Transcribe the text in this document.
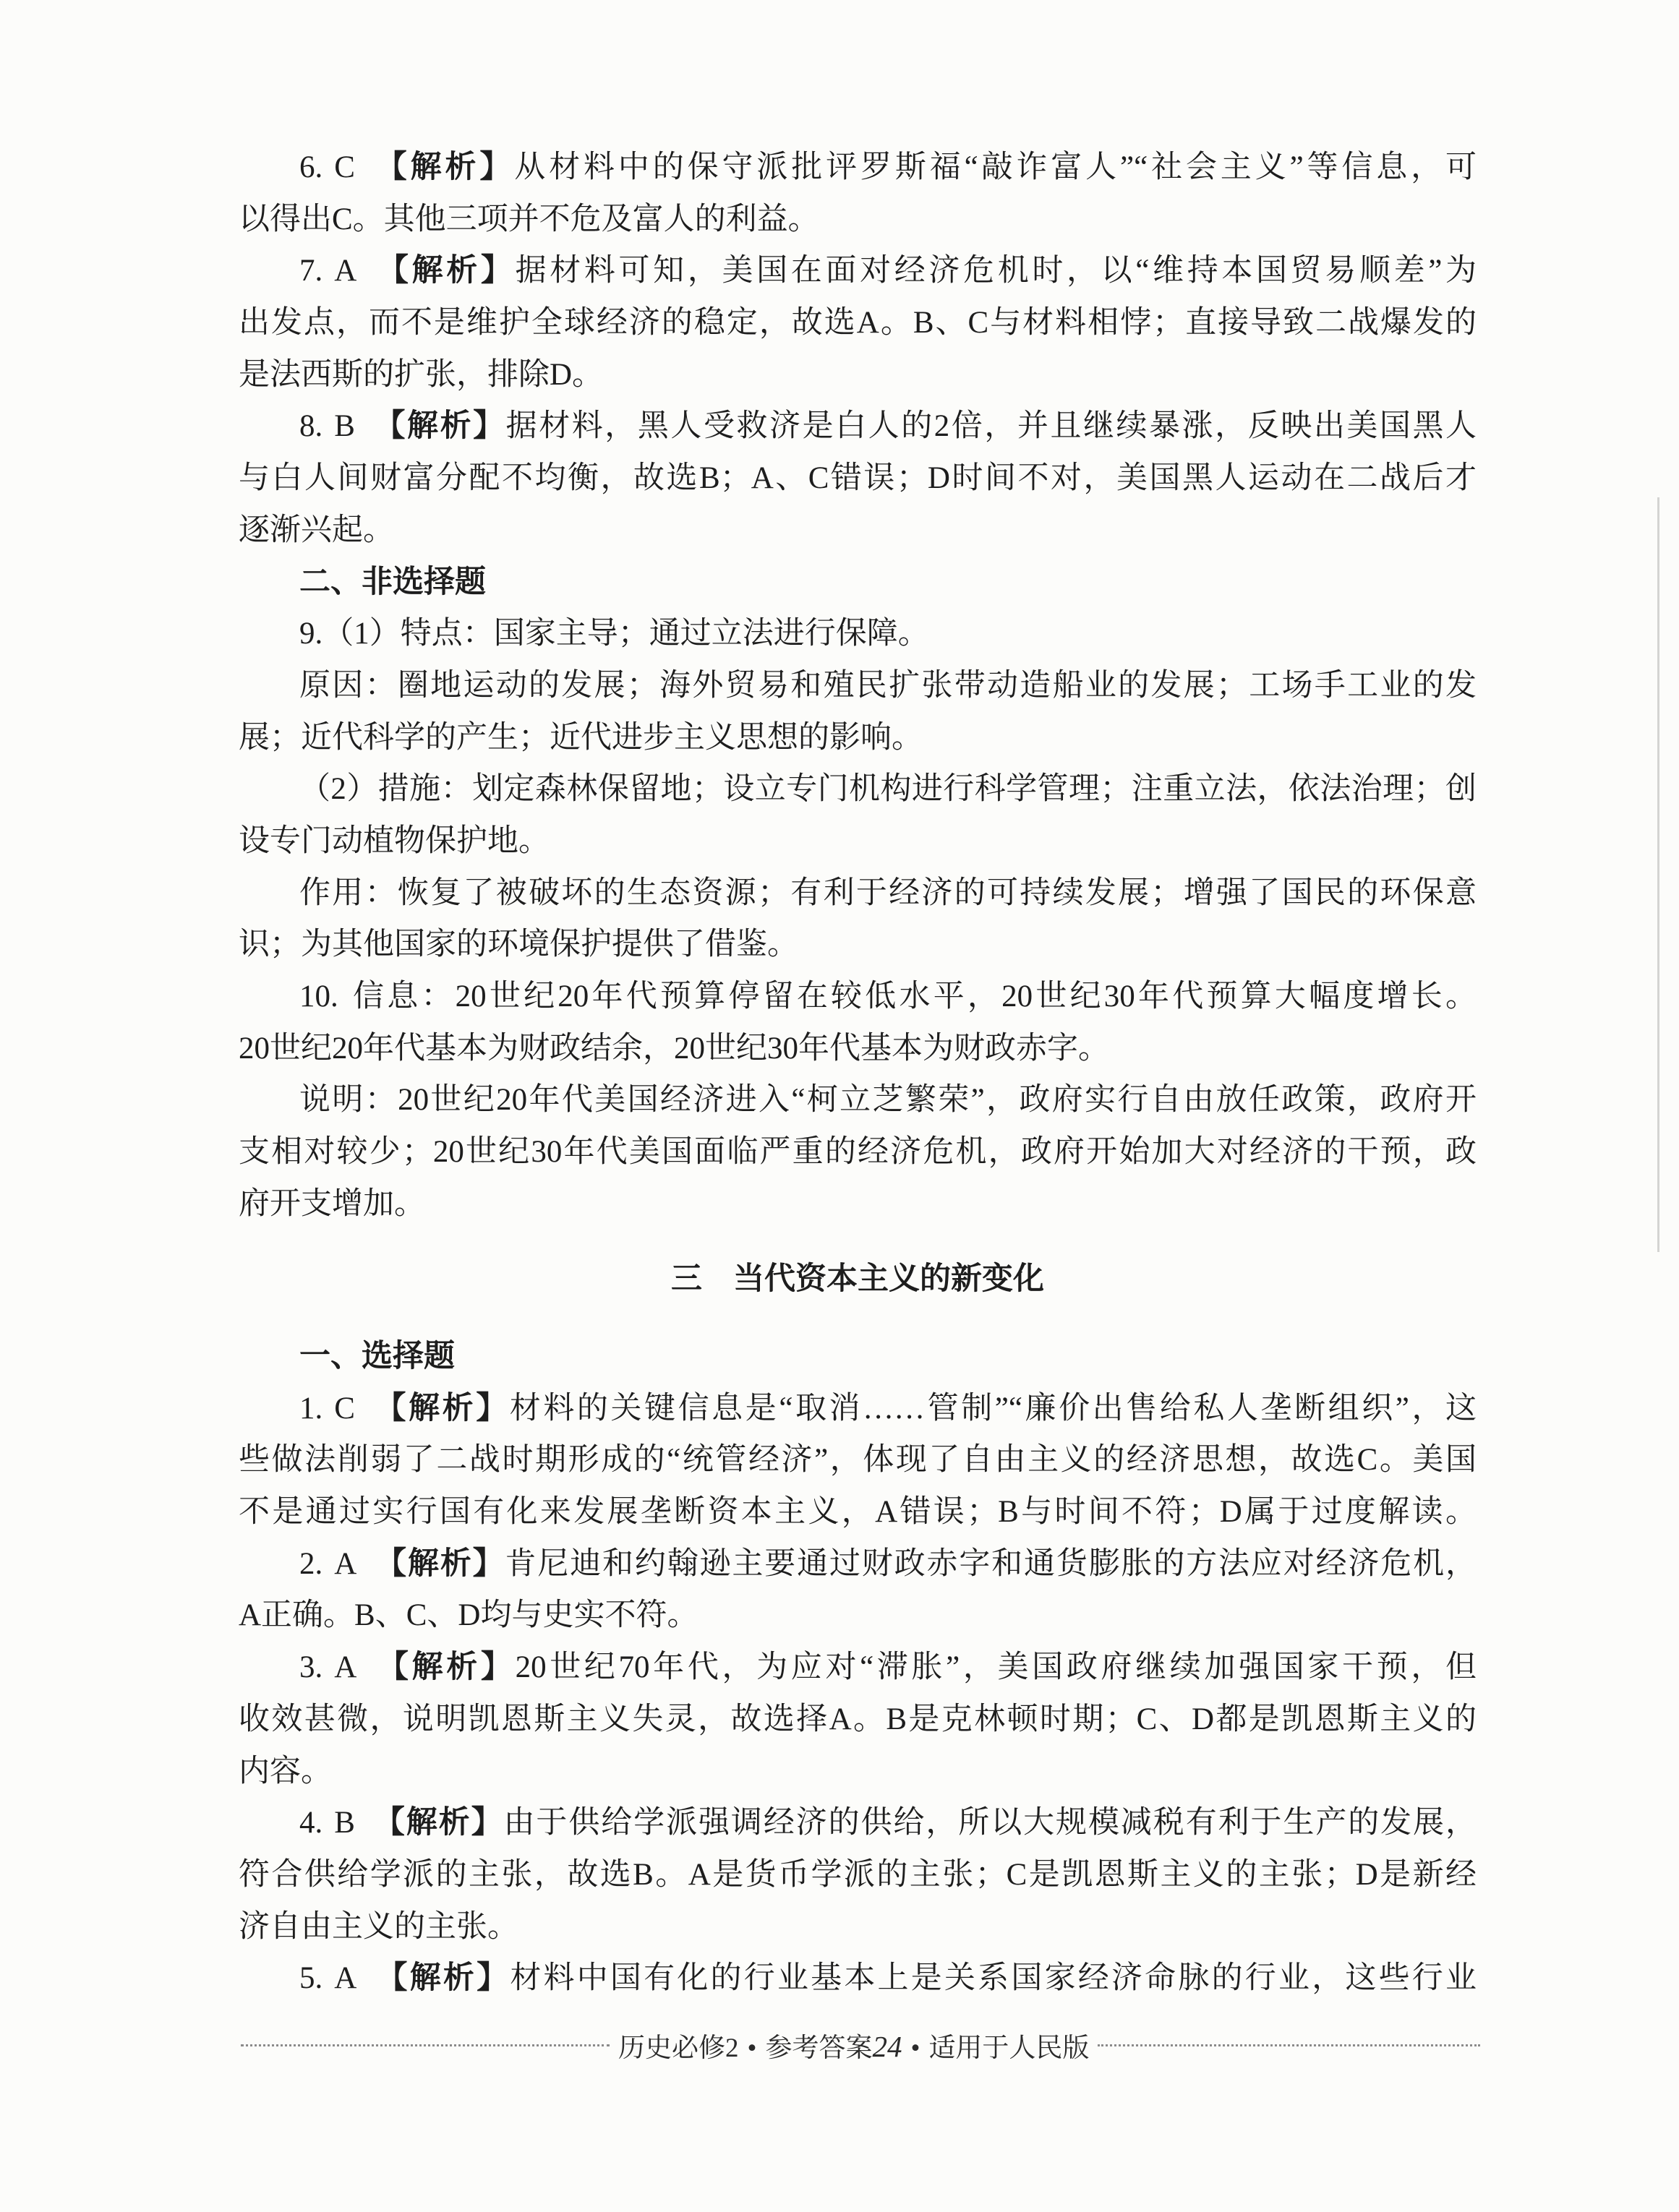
6. C 【解析】从材料中的保守派批评罗斯福“敲诈富人”“社会主义”等信息，可
以得出C。其他三项并不危及富人的利益。
7. A 【解析】据材料可知，美国在面对经济危机时，以“维持本国贸易顺差”为
出发点，而不是维护全球经济的稳定，故选A。B、C与材料相悖；直接导致二战爆发的
是法西斯的扩张，排除D。
8. B 【解析】据材料，黑人受救济是白人的2倍，并且继续暴涨，反映出美国黑人
与白人间财富分配不均衡，故选B；A、C错误；D时间不对，美国黑人运动在二战后才
逐渐兴起。
二、非选择题
9.（1）特点：国家主导；通过立法进行保障。
原因：圈地运动的发展；海外贸易和殖民扩张带动造船业的发展；工场手工业的发
展；近代科学的产生；近代进步主义思想的影响。
（2）措施：划定森林保留地；设立专门机构进行科学管理；注重立法，依法治理；创
设专门动植物保护地。
作用：恢复了被破坏的生态资源；有利于经济的可持续发展；增强了国民的环保意
识；为其他国家的环境保护提供了借鉴。
10. 信息：20世纪20年代预算停留在较低水平，20世纪30年代预算大幅度增长。
20世纪20年代基本为财政结余，20世纪30年代基本为财政赤字。
说明：20世纪20年代美国经济进入“柯立芝繁荣”，政府实行自由放任政策，政府开
支相对较少；20世纪30年代美国面临严重的经济危机，政府开始加大对经济的干预，政
府开支增加。
三　当代资本主义的新变化
一、选择题
1. C 【解析】材料的关键信息是“取消……管制”“廉价出售给私人垄断组织”，这
些做法削弱了二战时期形成的“统管经济”，体现了自由主义的经济思想，故选C。美国
不是通过实行国有化来发展垄断资本主义，A错误；B与时间不符；D属于过度解读。
2. A 【解析】肯尼迪和约翰逊主要通过财政赤字和通货膨胀的方法应对经济危机，
A正确。B、C、D均与史实不符。
3. A 【解析】20世纪70年代，为应对“滞胀”，美国政府继续加强国家干预，但
收效甚微，说明凯恩斯主义失灵，故选择A。B是克林顿时期；C、D都是凯恩斯主义的
内容。
4. B 【解析】由于供给学派强调经济的供给，所以大规模减税有利于生产的发展，
符合供给学派的主张，故选B。A是货币学派的主张；C是凯恩斯主义的主张；D是新经
济自由主义的主张。
5. A 【解析】材料中国有化的行业基本上是关系国家经济命脉的行业，这些行业
历史必修2 • 参考答案24 • 适用于人民版
